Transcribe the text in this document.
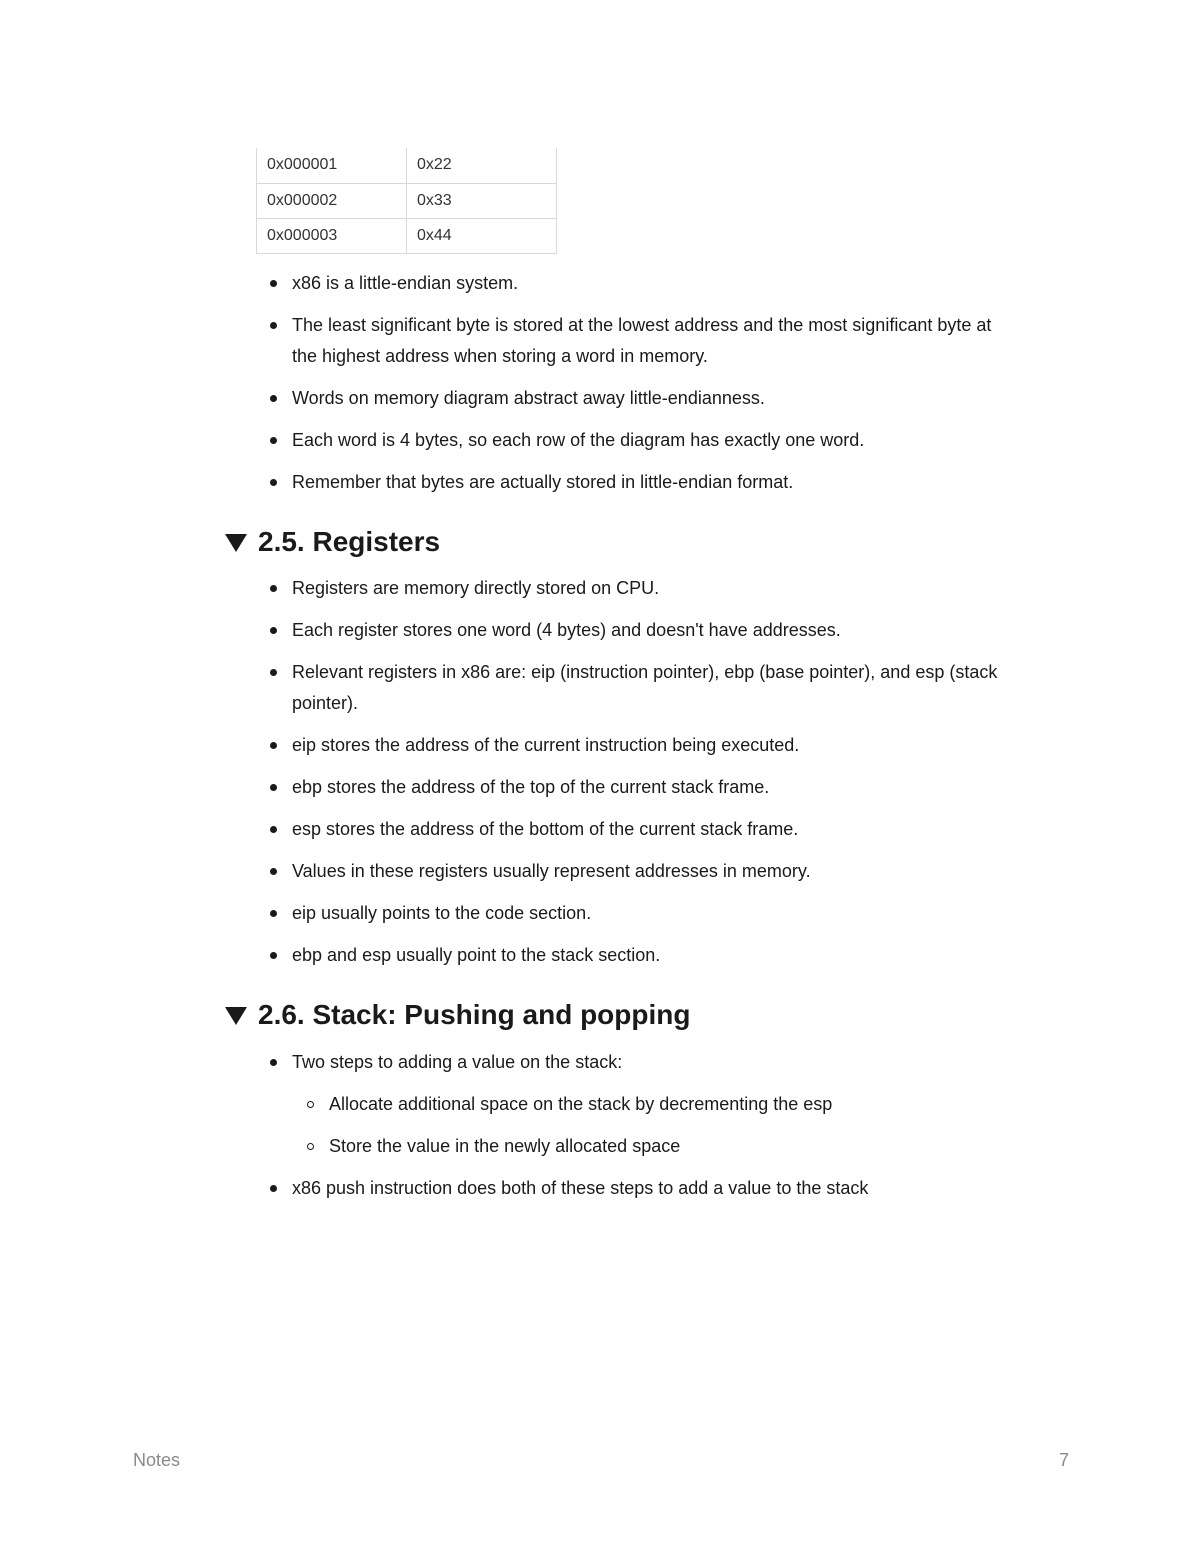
0x000001	0x22
0x000002	0x33
0x000003	0x44
x86 is a little-endian system.
The least significant byte is stored at the lowest address and the most significant byte at the highest address when storing a word in memory.
Words on memory diagram abstract away little-endianness.
Each word is 4 bytes, so each row of the diagram has exactly one word.
Remember that bytes are actually stored in little-endian format.
2.5. Registers
Registers are memory directly stored on CPU.
Each register stores one word (4 bytes) and doesn't have addresses.
Relevant registers in x86 are: eip (instruction pointer), ebp (base pointer), and esp (stack pointer).
eip stores the address of the current instruction being executed.
ebp stores the address of the top of the current stack frame.
esp stores the address of the bottom of the current stack frame.
Values in these registers usually represent addresses in memory.
eip usually points to the code section.
ebp and esp usually point to the stack section.
2.6. Stack: Pushing and popping
Two steps to adding a value on the stack:
Allocate additional space on the stack by decrementing the esp
Store the value in the newly allocated space
x86 push instruction does both of these steps to add a value to the stack
Notes	7
